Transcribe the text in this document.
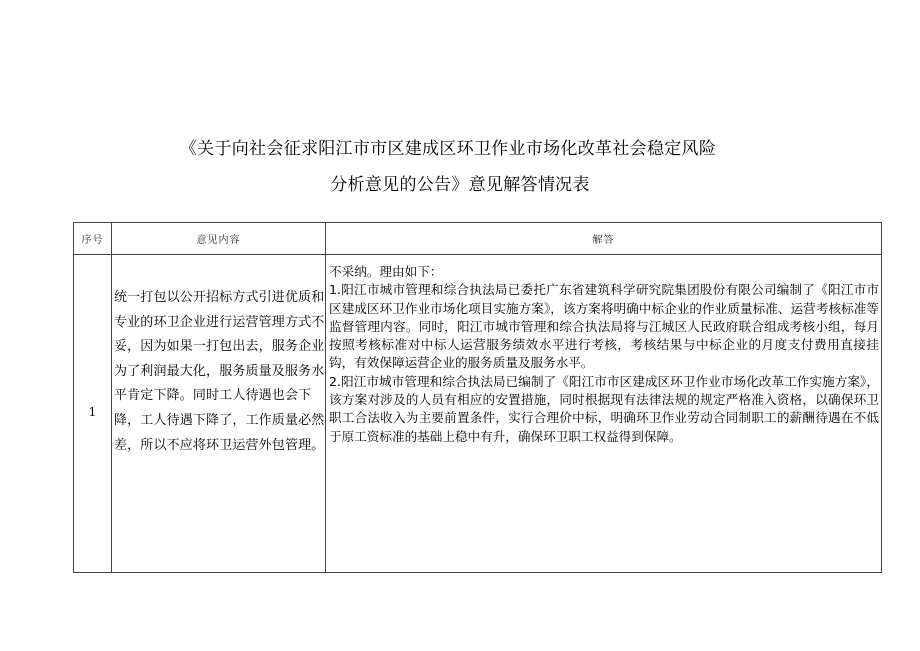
《关于向社会征求阳江市市区建成区环卫作业市场化改革社会稳定风险
分析意见的公告》意见解答情况表
序号	意见内容	解答
1	统一打包以公开招标方式引进优质和专业的环卫企业进行运营管理方式不妥，因为如果一打包出去，服务企业为了利润最大化，服务质量及服务水平肯定下降。同时工人待遇也会下降，工人待遇下降了，工作质量必然差，所以不应将环卫运营外包管理。	不采纳。理由如下：

1.阳江市城市管理和综合执法局已委托广东省建筑科学研究院集团股份有限公司编制了《阳江市市区建成区环卫作业市场化项目实施方案》，该方案将明确中标企业的作业质量标准、运营考核标准等监督管理内容。同时，阳江市城市管理和综合执法局将与江城区人民政府联合组成考核小组，每月按照考核标准对中标人运营服务绩效水平进行考核，考核结果与中标企业的月度支付费用直接挂钩，有效保障运营企业的服务质量及服务水平。

2.阳江市城市管理和综合执法局已编制了《阳江市市区建成区环卫作业市场化改革工作实施方案》，该方案对涉及的人员有相应的安置措施，同时根据现有法律法规的规定严格准入资格，以确保环卫职工合法收入为主要前置条件，实行合理价中标，明确环卫作业劳动合同制职工的薪酬待遇在不低于原工资标准的基础上稳中有升，确保环卫职工权益得到保障。
